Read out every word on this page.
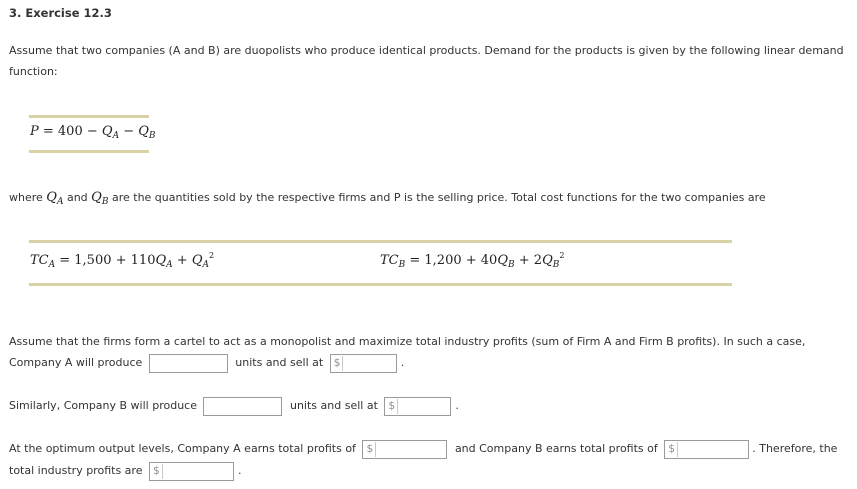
3. Exercise 12.3
Assume that two companies (A and B) are duopolists who produce identical products. Demand for the products is given by the following linear demand
function:
$P = 400 - Q_A - Q_B$
where $Q_A$ and $Q_B$ are the quantities sold by the respective firms and P is the selling price. Total cost functions for the two companies are
$TC_A = 1,500 + 110Q_A + Q_A^2$	$TC_B = 1,200 + 40Q_B + 2Q_B^2$
Assume that the firms form a cartel to act as a monopolist and maximize total industry profits (sum of Firm A and Firm B profits). In such a case,
Company A will produce	units and sell at $	.
Similarly, Company B will produce	units and sell at $	.
At the optimum output levels, Company A earns total profits of $	and Company B earns total profits of $	. Therefore, the
total industry profits are $	.
